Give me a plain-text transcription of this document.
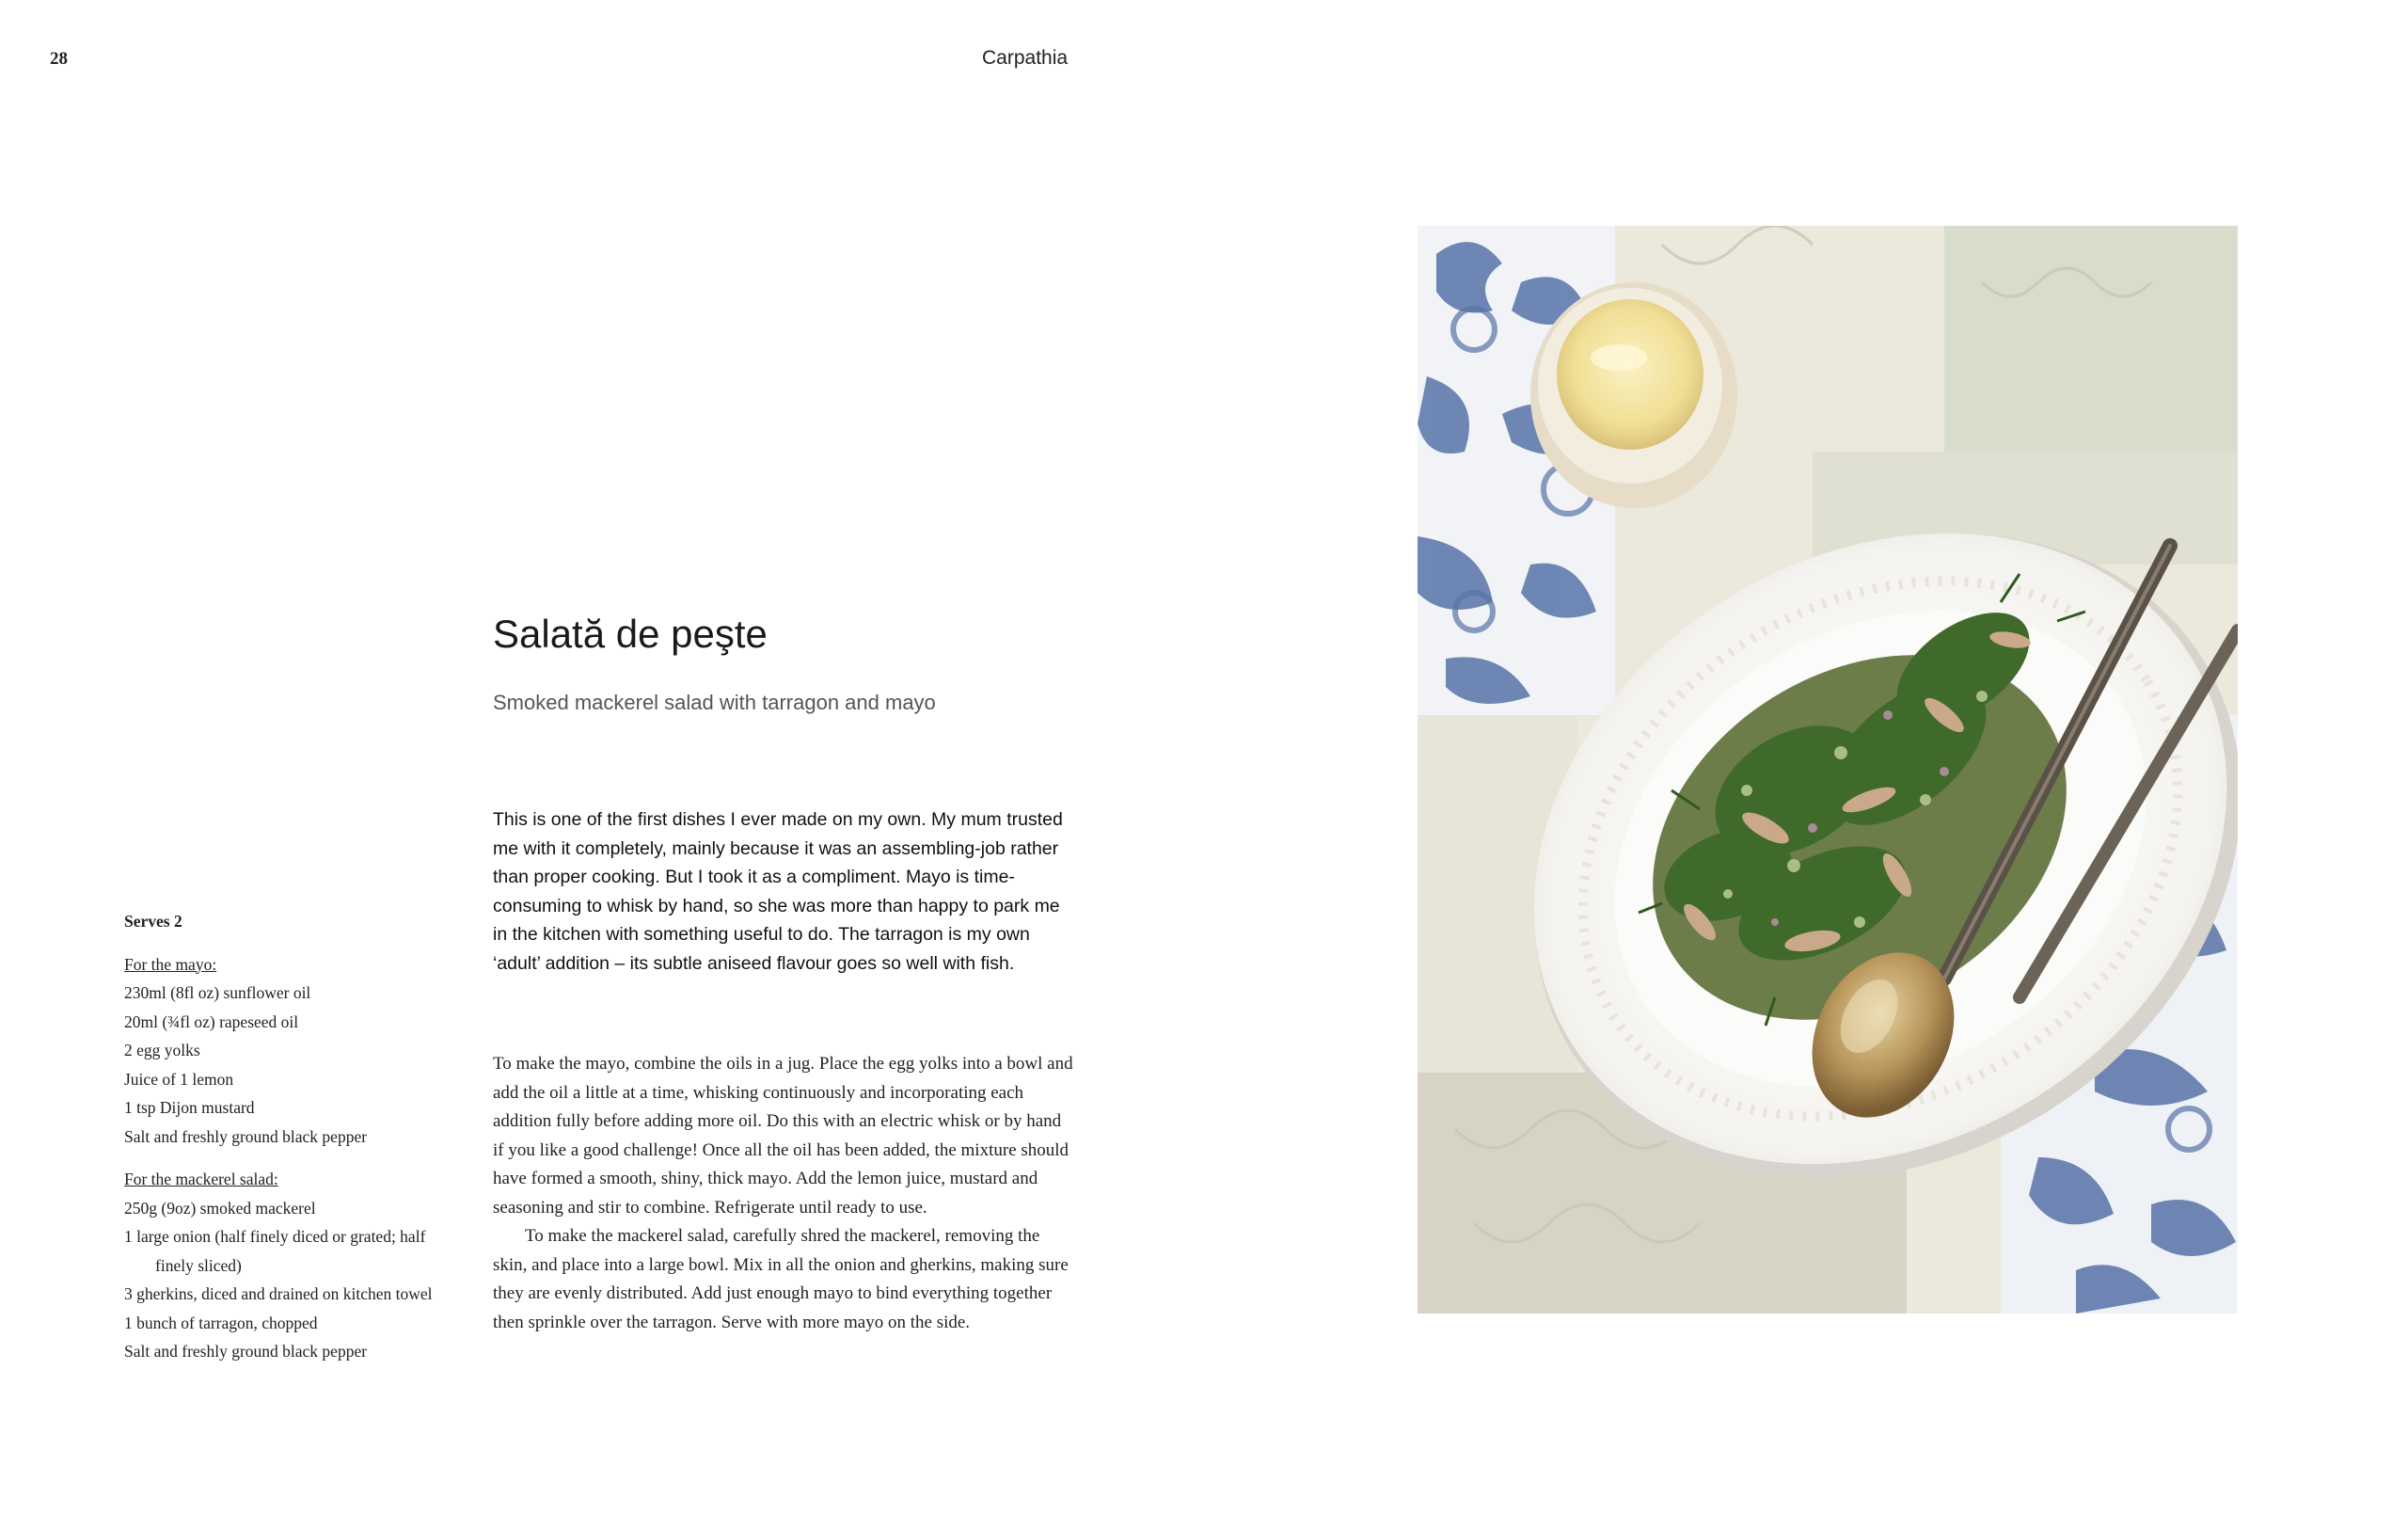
28	Carpathia
Salată de peşte
Smoked mackerel salad with tarragon and mayo
This is one of the first dishes I ever made on my own. My mum trusted me with it completely, mainly because it was an assembling-job rather than proper cooking. But I took it as a compliment. Mayo is time-consuming to whisk by hand, so she was more than happy to park me in the kitchen with something useful to do. The tarragon is my own ‘adult’ addition – its subtle aniseed flavour goes so well with fish.

To make the mayo, combine the oils in a jug. Place the egg yolks into a bowl and add the oil a little at a time, whisking continuously and incorporating each addition fully before adding more oil. Do this with an electric whisk or by hand if you like a good challenge! Once all the oil has been added, the mixture should have formed a smooth, shiny, thick mayo. Add the lemon juice, mustard and seasoning and stir to combine. Refrigerate until ready to use.

To make the mackerel salad, carefully shred the mackerel, removing the skin, and place into a large bowl. Mix in all the onion and gherkins, making sure they are evenly distributed. Add just enough mayo to bind everything together then sprinkle over the tarragon. Serve with more mayo on the side.

Serves 2
For the mayo:
230ml (8fl oz) sunflower oil
20ml (¾fl oz) rapeseed oil
2 egg yolks
Juice of 1 lemon
1 tsp Dijon mustard
Salt and freshly ground black pepper
For the mackerel salad:
250g (9oz) smoked mackerel
1 large onion (half finely diced or grated; half finely sliced)
3 gherkins, diced and drained on kitchen towel
1 bunch of tarragon, chopped
Salt and freshly ground black pepper
